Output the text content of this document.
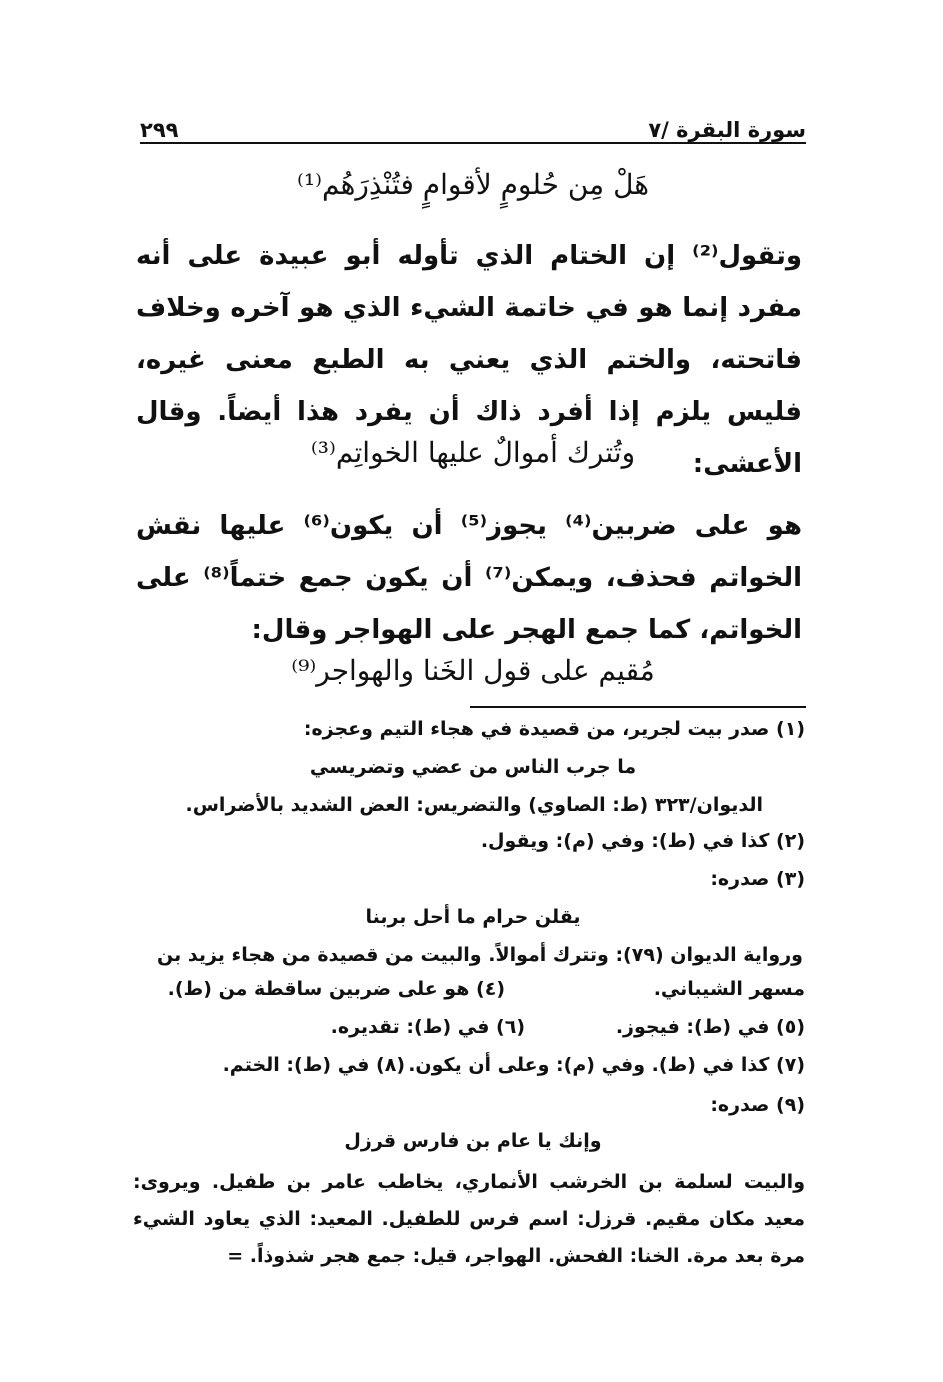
سورة البقرة /٧
٢٩٩
هَلْ مِن حُلومٍ لأقوامٍ فتُنْذِرَهُم⁽¹⁾
وتقول⁽²⁾ إن الختام الذي تأوله أبو عبيدة على أنه مفرد إنما هو في خاتمة الشيء الذي هو آخره وخلاف فاتحته، والختم الذي يعني به الطبع معنى غيره، فليس يلزم إذا أفرد ذاك أن يفرد هذا أيضاً. وقال الأعشى:
وتُترك أموالٌ عليها الخواتِم⁽³⁾
هو على ضربين⁽⁴⁾ يجوز⁽⁵⁾ أن يكون⁽⁶⁾ عليها نقش الخواتم فحذف، ويمكن⁽⁷⁾ أن يكون جمع ختماً⁽⁸⁾ على الخواتم، كما جمع الهجر على الهواجر وقال:
مُقيم على قول الخَنا والهواجر⁽⁹⁾
(١) صدر بيت لجرير، من قصيدة في هجاء التيم وعجزه:
ما جرب الناس من عضي وتضريسي
الديوان/٣٢٣ (ط: الصاوي) والتضريس: العض الشديد بالأضراس.
(٢) كذا في (ط): وفي (م): ويقول.
(٣) صدره:
يقلن حرام ما أحل بربنا
ورواية الديوان (٧٩): وتترك أموالاً. والبيت من قصيدة من هجاء يزيد بن
مسهر الشيباني.
(٤) هو على ضربين ساقطة من (ط).
(٥) في (ط): فيجوز.
(٦) في (ط): تقديره.
(٧) كذا في (ط). وفي (م): وعلى أن يكون.
(٨) في (ط): الختم.
(٩) صدره:
وإنك يا عام بن فارس قرزل
والبيت لسلمة بن الخرشب الأنماري، يخاطب عامر بن طفيل. ويروى: معيد مكان مقيم. قرزل: اسم فرس للطفيل. المعيد: الذي يعاود الشيء مرة بعد مرة. الخنا: الفحش. الهواجر، قيل: جمع هجر شذوذاً. =
